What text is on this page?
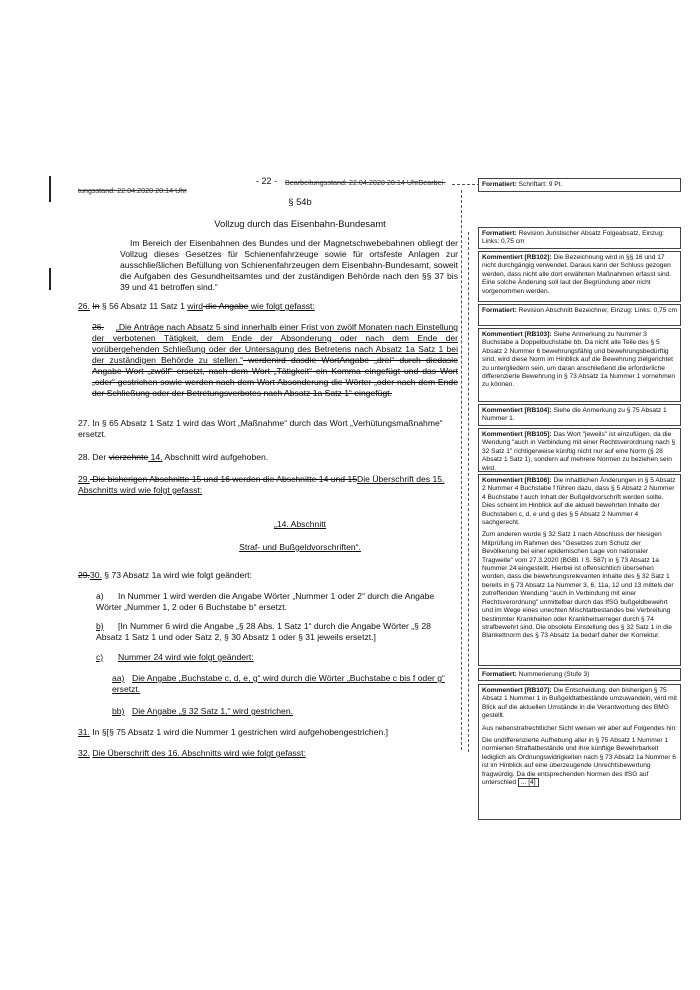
tungsstand: 22.04.2020 20:14 Uhr
- 22 - Bearbeitungsstand: 22.04.2020 20:14 UhrBearbei-
§ 54b
Vollzug durch das Eisenbahn-Bundesamt
Im Bereich der Eisenbahnen des Bundes und der Magnetschwebebahnen obliegt der Vollzug dieses Gesetzes für Schienenfahrzeuge sowie für ortsfeste Anlagen zur ausschließlichen Befüllung von Schienenfahrzeugen dem Eisenbahn-Bundesamt, soweit die Aufgaben des Gesundheitsamtes und der zuständigen Behörde nach den §§ 37 bis 39 und 41 betroffen sind.“
26. In § 56 Absatz 11 Satz 1 wird die Angabe wie folgt gefasst:
26. „Die Anträge nach Absatz 5 sind innerhalb einer Frist von zwölf Monaten nach Einstellung der verbotenen Tätigkeit, dem Ende der Absonderung oder nach dem Ende der vorübergehenden Schließung oder der Untersagung des Betretens nach Absatz 1a Satz 1 bei der zuständigen Behörde zu stellen.“ werdenird dasdie WortAngabe „drei“ durch diedasie Angabe Wort „zwölf“ ersetzt, nach dem Wort „Tätigkeit“ ein Komma eingefügt und das Wort „oder“ gestrichen sowie werden nach dem Wort Absonderung die Wörter „oder nach dem Ende der Schließung oder der Betretungsverbotes nach Absatz 1a Satz 1“ eingefügt.
27. In § 65 Absatz 1 Satz 1 wird das Wort „Maßnahme“ durch das Wort „Verhütungsmaßnahme“ ersetzt.
28. Der vierzehnte 14. Abschnitt wird aufgehoben.
29. Die bisherigen Abschnitte 15 und 16 werden die Abschnitte 14 und 15Die Überschrift des 15. Abschnitts wird wie folgt gefasst:
„14. Abschnitt
Straf- und Bußgeldvorschriften“.
29.30. § 73 Absatz 1a wird wie folgt geändert:
a) In Nummer 1 wird werden die Angabe Wörter „Nummer 1 oder 2“ durch die Angabe Wörter „Nummer 1, 2 oder 6 Buchstabe b“ ersetzt.
b) [In Nummer 6 wird die Angabe „§ 28 Abs. 1 Satz 1“ durch die Angabe Wörter „§ 28 Absatz 1 Satz 1 und oder Satz 2, § 30 Absatz 1 oder § 31 jeweils ersetzt.]
c) Nummer 24 wird wie folgt geändert:
aa) Die Angabe „Buchstabe c, d, e, g“ wird durch die Wörter „Buchstabe c bis f oder g“ ersetzt.
bb) Die Angabe „§ 32 Satz 1,“ wird gestrichen.
31. In §[§ 75 Absatz 1 wird die Nummer 1 gestrichen wird aufgehobengestrichen.]
32. Die Überschrift des 16. Abschnitts wird wie folgt gefasst:
Formatiert: Schriftart: 9 Pt.
Formatiert: Revision Juristischer Absatz Folgeabsatz, Einzug: Links: 0,75 cm
Kommentiert [RB102]: Die Bezeichnung wird in §§ 16 und 17 nicht durchgängig verwendet. Daraus kann der Schluss gezogen werden, dass nicht alle dort erwähnten Maßnahmen erfasst sind. Eine solche Änderung soll laut der Begründung aber nicht vorgenommen werden.
Formatiert: Revision Abschnitt Bezeichner, Einzug: Links: 0,75 cm
Kommentiert [RB103]: Siehe Anmerkung zu Nummer 3 Buchstabe a Doppelbuchstabe bb. Da nicht alle Teile des § 5 Absatz 2 Nummer 6 bewehrungsfähig und bewehrungsbedürftig sind, wird diese Norm im Hinblick auf die Bewehrung zielgerichtet zu untergliedern sein, um daran anschließend die erforderliche differenzierte Bewehrung in § 73 Absatz 1a Nummer 1 vornehmen zu können.
Kommentiert [RB104]: Siehe die Anmerkung zu § 75 Absatz 1 Nummer 1.
Kommentiert [RB105]: Das Wort "jeweils" ist einzufügen, da die Wendung "auch in Verbindung mit einer Rechtsverordnung nach § 32 Satz 1" richtigerweise künftig nicht nur auf eine Norm (§ 28 Absatz 1 Satz 1), sondern auf mehrere Normen zu beziehen sein wird.
Kommentiert [RB106]: Die inhaltlichen Änderungen in § 5 Absatz 2 Nummer 4 Buchstabe f führen dazu, dass § 5 Absatz 2 Nummer 4 Buchstabe f auch Inhalt der Bußgeldvorschrift werden sollte. Dies scheint im Hinblick auf die aktuell bewehrten Inhalte der Buchstaben c, d, e und g des § 5 Absatz 2 Nummer 4 sachgerecht.
Zum anderen wurde § 32 Satz 1 nach Abschluss der hiesigen Mitprüfung im Rahmen des "Gesetzes zum Schutz der Bevölkerung bei einer epidemischen Lage von nationaler Tragweite" vom 27.3.2020 (BGBl. I S. 587) in § 73 Absatz 1a Nummer 24 eingestellt. Hierbei ist offensichtlich übersehen worden, dass die bewehrungsrelevanten Inhalte des § 32 Satz 1 bereits in § 73 Absatz 1a Nummer 3, 6, 11a, 12 und 13 mittels der zutreffenden Wendung "auch in Verbindung mit einer Rechtsverordnung" unmittelbar durch das IfSG bußgeldbewehrt und im Wege eines unechten Mischtatbestandes bei Verbreitung bestimmter Krankheiten oder Krankheitserreger durch § 74 strafbewehrt sind. Die obsolete Einstellung des § 32 Satz 1 in die Blankettnorm des § 73 Absatz 1a bedarf daher der Korrektur.
Formatiert: Nummerierung (Stufe 3)
Kommentiert [RB107]: Die Entscheidung, den bisherigen § 75 Absatz 1 Nummer 1 in Bußgeldtatbestände umzuwandeln, wird mit Blick auf die aktuellen Umstände in die Verantwortung des BMG gestellt.
Aus nebenstrafrechtlicher Sicht weisen wir aber auf Folgendes hin:
Die undifferenzierte Aufhebung aller in § 75 Absatz 1 Nummer 1 normierten Straftatbestände und ihre künftige Bewehrbarkeit lediglich als Ordnungswidrigkeiten nach § 73 Absatz 1a Nummer 6 ist im Hinblick auf eine überzeugende Unrechtsbewertung fragwürdig. Da die entsprechenden Normen des IfSG auf unterschied ... [4]
